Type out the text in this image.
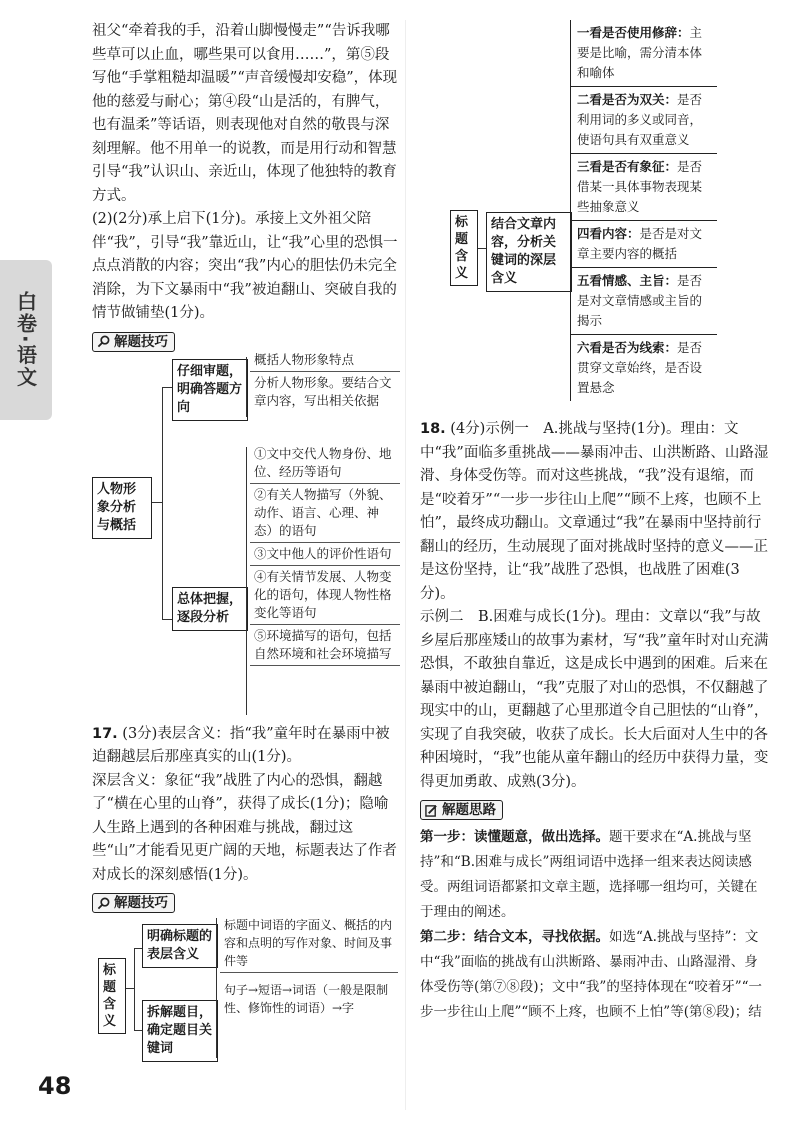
白卷·语文

祖父“牵着我的手，沿着山脚慢慢走”“告诉我哪些草可以止血，哪些果可以食用……”，第⑤段写他“手掌粗糙却温暖”“声音缓慢却安稳”，体现他的慈爱与耐心；第④段“山是活的，有脾气，也有温柔”等话语，则表现他对自然的敬畏与深刻理解。他不用单一的说教，而是用行动和智慧引导“我”认识山、亲近山，体现了他独特的教育方式。

(2)(2分)承上启下(1分)。承接上文外祖父陪伴“我”，引导“我”靠近山，让“我”心里的恐惧一点点消散的内容；突出“我”内心的胆怯仍未完全消除，为下文暴雨中“我”被迫翻山、突破自我的情节做铺垫(1分)。

解题技巧
人物形象分析与概括
仔细审题，明确答题方向
概括人物形象特点
分析人物形象。要结合文章内容，写出相关依据
总体把握，逐段分析
①文中交代人物身份、地位、经历等语句
②有关人物描写（外貌、动作、语言、心理、神态）的语句
③文中他人的评价性语句
④有关情节发展、人物变化的语句，体现人物性格变化等语句
⑤环境描写的语句，包括自然环境和社会环境描写

17. (3分)表层含义：指“我”童年时在暴雨中被迫翻越层后那座真实的山(1分)。

深层含义：象征“我”战胜了内心的恐惧，翻越了“横在心里的山脊”，获得了成长(1分)；隐喻人生路上遇到的各种困难与挑战，翻过这些“山”才能看见更广阔的天地，标题表达了作者对成长的深刻感悟(1分)。

解题技巧
标题含义
明确标题的表层含义
拆解题目，确定题目关键词
标题中词语的字面义、概括的内容和点明的写作对象、时间及事件等
句子→短语→词语（一般是限制性、修饰性的词语）→字
标题含义
结合文章内容，分析关键词的深层含义
一看是否使用修辞：主要是比喻，需分清本体和喻体
二看是否为双关：是否利用词的多义或同音，使语句具有双重意义
三看是否有象征：是否借某一具体事物表现某些抽象意义
四看内容：是否是对文章主要内容的概括
五看情感、主旨：是否是对文章情感或主旨的揭示
六看是否为线索：是否贯穿文章始终，是否设置悬念

18. (4分)示例一　A.挑战与坚持(1分)。理由：文中“我”面临多重挑战——暴雨冲击、山洪断路、山路湿滑、身体受伤等。而对这些挑战，“我”没有退缩，而是“咬着牙”“一步一步往山上爬”“顾不上疼，也顾不上怕”，最终成功翻山。文章通过“我”在暴雨中坚持前行翻山的经历，生动展现了面对挑战时坚持的意义——正是这份坚持，让“我”战胜了恐惧，也战胜了困难(3分)。

示例二　B.困难与成长(1分)。理由：文章以“我”与故乡屋后那座矮山的故事为素材，写“我”童年时对山充满恐惧，不敢独自靠近，这是成长中遇到的困难。后来在暴雨中被迫翻山，“我”克服了对山的恐惧，不仅翻越了现实中的山，更翻越了心里那道令自己胆怯的“山脊”，实现了自我突破，收获了成长。长大后面对人生中的各种困境时，“我”也能从童年翻山的经历中获得力量，变得更加勇敢、成熟(3分)。

解题思路

第一步：读懂题意，做出选择。题干要求在“A.挑战与坚持”和“B.困难与成长”两组词语中选择一组来表达阅读感受。两组词语都紧扣文章主题，选择哪一组均可，关键在于理由的阐述。

第二步：结合文本，寻找依据。如选“A.挑战与坚持”：文中“我”面临的挑战有山洪断路、暴雨冲击、山路湿滑、身体受伤等(第⑦⑧段)；文中“我”的坚持体现在“咬着牙”“一步一步往山上爬”“顾不上疼，也顾不上怕”等(第⑧段)；结

48
